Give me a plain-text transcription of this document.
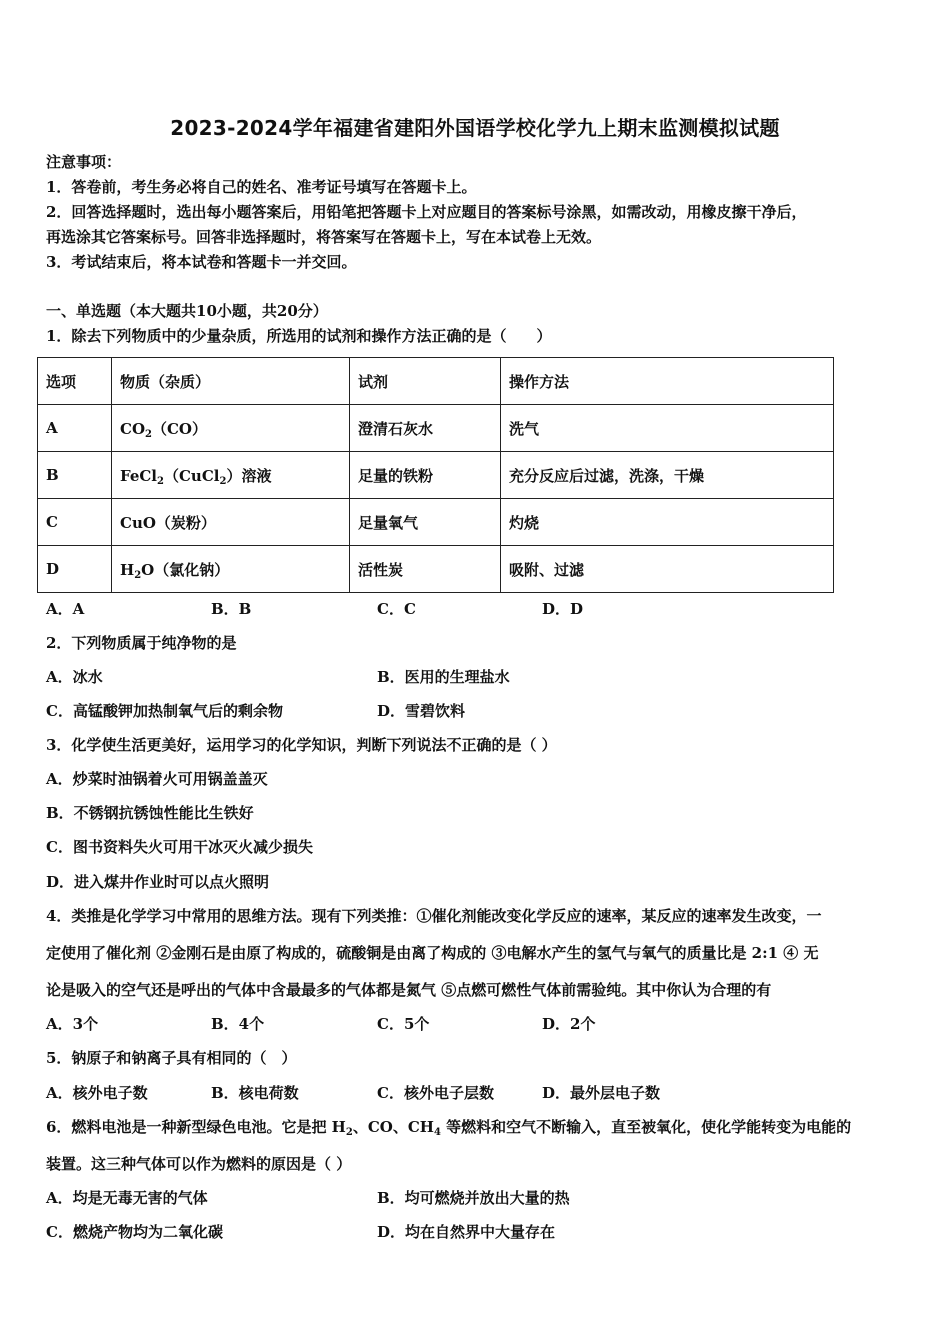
2023-2024学年福建省建阳外国语学校化学九上期末监测模拟试题
注意事项：
1．答卷前，考生务必将自己的姓名、准考证号填写在答题卡上。
2．回答选择题时，选出每小题答案后，用铅笔把答题卡上对应题目的答案标号涂黑，如需改动，用橡皮擦干净后，
再选涂其它答案标号。回答非选择题时，将答案写在答题卡上，写在本试卷上无效。
3．考试结束后，将本试卷和答题卡一并交回。
一、单选题（本大题共10小题，共20分）
1．除去下列物质中的少量杂质，所选用的试剂和操作方法正确的是（　　）
选项	物质（杂质）	试剂	操作方法
A	$CO_2(CO)$	澄清石灰水	洗气
B	FeCl$_2$（CuCl$_2$）溶液	足量的铁粉	充分反应后过滤，洗涤，干燥
C	CuO（炭粉）	足量氧气	灼烧
D	$H_2O$（氯化钠）	活性炭	吸附、过滤
A．A	B．B	C．C	D．D
2．下列物质属于纯净物的是
A．冰水	B．医用的生理盐水
C．高锰酸钾加热制氧气后的剩余物	D．雪碧饮料
3．化学使生活更美好，运用学习的化学知识，判断下列说法不正确的是（ ）
A．炒菜时油锅着火可用锅盖盖灭
B．不锈钢抗锈蚀性能比生铁好
C．图书资料失火可用干冰灭火减少损失
D．进入煤井作业时可以点火照明
4．类推是化学学习中常用的思维方法。现有下列类推：①催化剂能改变化学反应的速率，某反应的速率发生改变，一
定使用了催化剂 ②金刚石是由原了构成的，硫酸铜是由离了构成的 ③电解水产生的氢气与氧气的质量比是 2:1 ④ 无
论是吸入的空气还是呼出的气体中含最最多的气体都是氮气 ⑤点燃可燃性气体前需验纯。其中你认为合理的有
A．3个	B．4个	C．5个	D．2个
5．钠原子和钠离子具有相同的（　）
A．核外电子数	B．核电荷数	C．核外电子层数	D．最外层电子数
6．燃料电池是一种新型绿色电池。它是把 $H_2$、CO、$CH_4$ 等燃料和空气不断输入，直至被氧化，使化学能转变为电能的
装置。这三种气体可以作为燃料的原因是（ ）
A．均是无毒无害的气体	B．均可燃烧并放出大量的热
C．燃烧产物均为二氧化碳	D．均在自然界中大量存在
